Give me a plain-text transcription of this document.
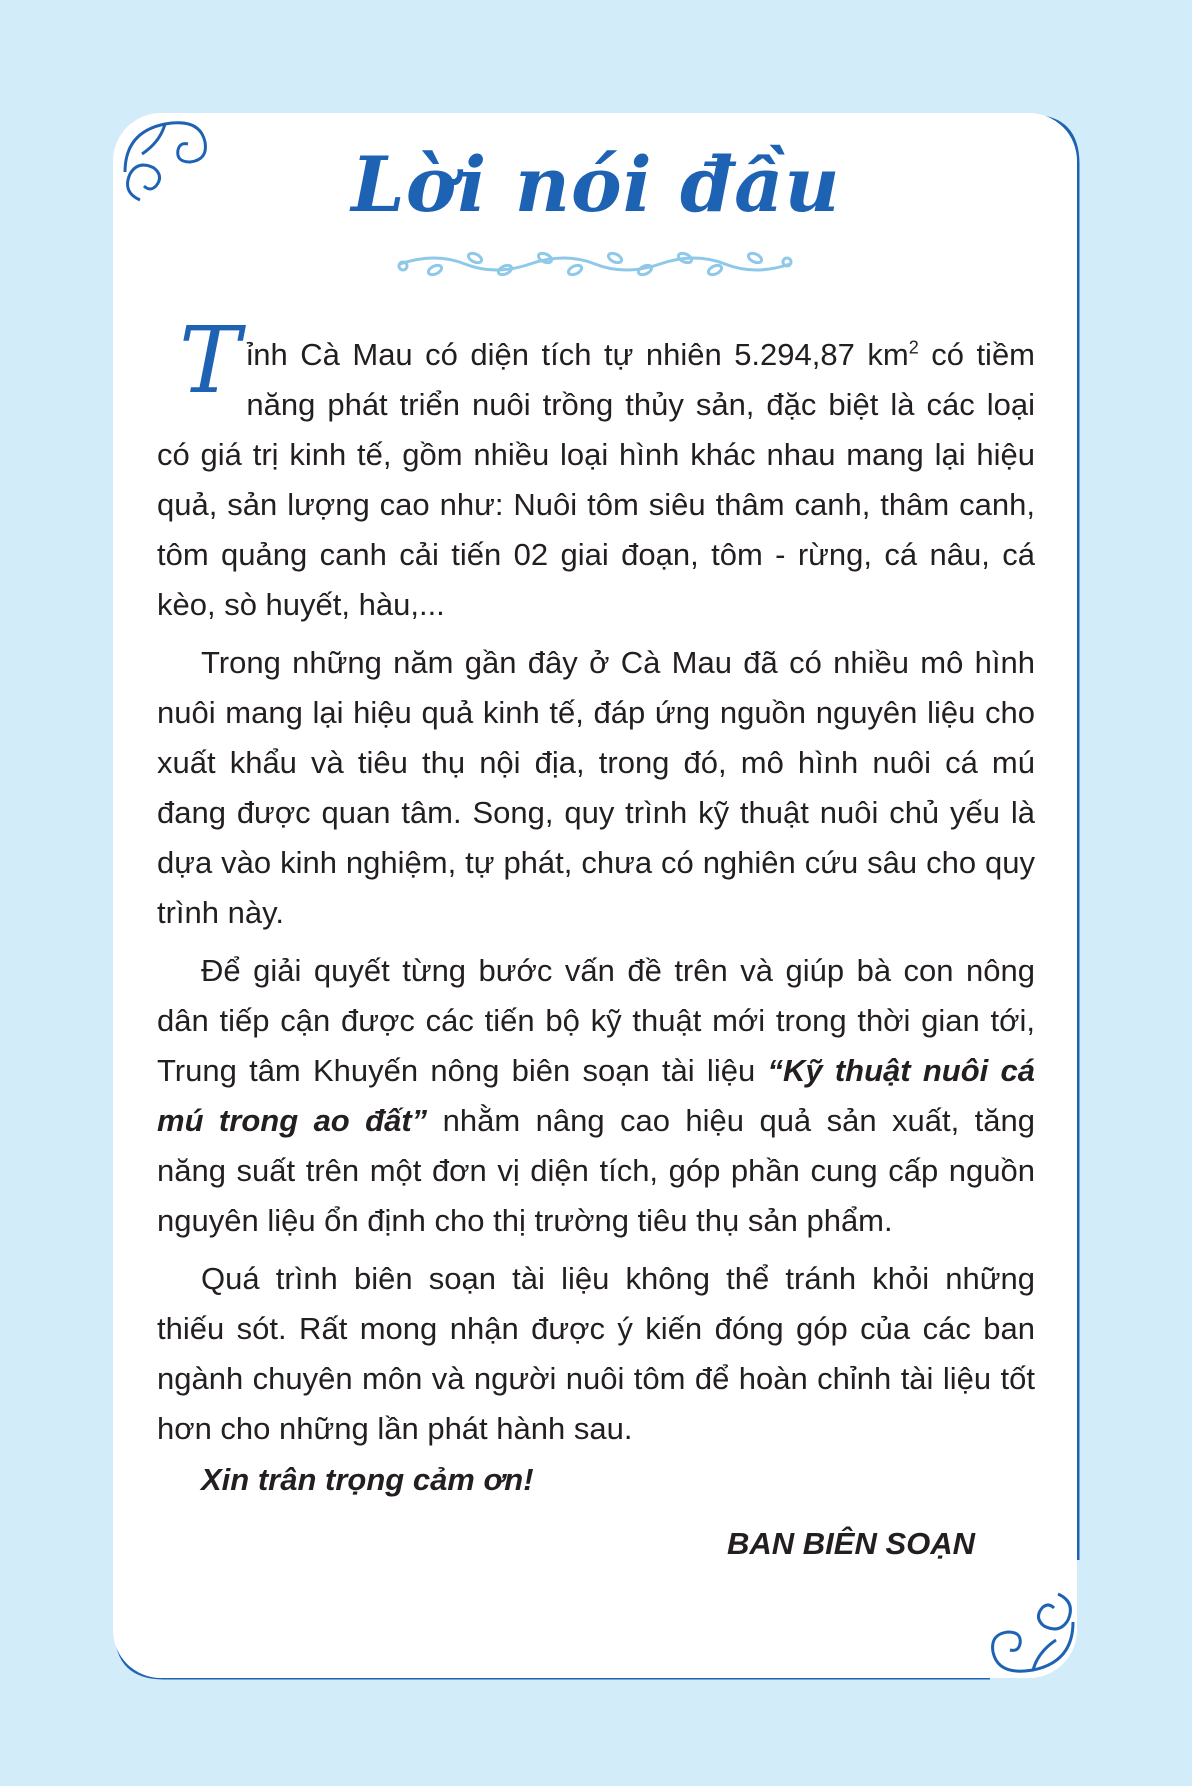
Lời nói đầu

Tỉnh Cà Mau có diện tích tự nhiên 5.294,87 $km^2$ có tiềm năng phát triển nuôi trồng thủy sản, đặc biệt là các loại có giá trị kinh tế, gồm nhiều loại hình khác nhau mang lại hiệu quả, sản lượng cao như: Nuôi tôm siêu thâm canh, thâm canh, tôm quảng canh cải tiến 02 giai đoạn, tôm - rừng, cá nâu, cá kèo, sò huyết, hàu,...

Trong những năm gần đây ở Cà Mau đã có nhiều mô hình nuôi mang lại hiệu quả kinh tế, đáp ứng nguồn nguyên liệu cho xuất khẩu và tiêu thụ nội địa, trong đó, mô hình nuôi cá mú đang được quan tâm. Song, quy trình kỹ thuật nuôi chủ yếu là dựa vào kinh nghiệm, tự phát, chưa có nghiên cứu sâu cho quy trình này.

Để giải quyết từng bước vấn đề trên và giúp bà con nông dân tiếp cận được các tiến bộ kỹ thuật mới trong thời gian tới, Trung tâm Khuyến nông biên soạn tài liệu “Kỹ thuật nuôi cá mú trong ao đất” nhằm nâng cao hiệu quả sản xuất, tăng năng suất trên một đơn vị diện tích, góp phần cung cấp nguồn nguyên liệu ổn định cho thị trường tiêu thụ sản phẩm.

Quá trình biên soạn tài liệu không thể tránh khỏi những thiếu sót. Rất mong nhận được ý kiến đóng góp của các ban ngành chuyên môn và người nuôi tôm để hoàn chỉnh tài liệu tốt hơn cho những lần phát hành sau.

Xin trân trọng cảm ơn!

BAN BIÊN SOẠN
